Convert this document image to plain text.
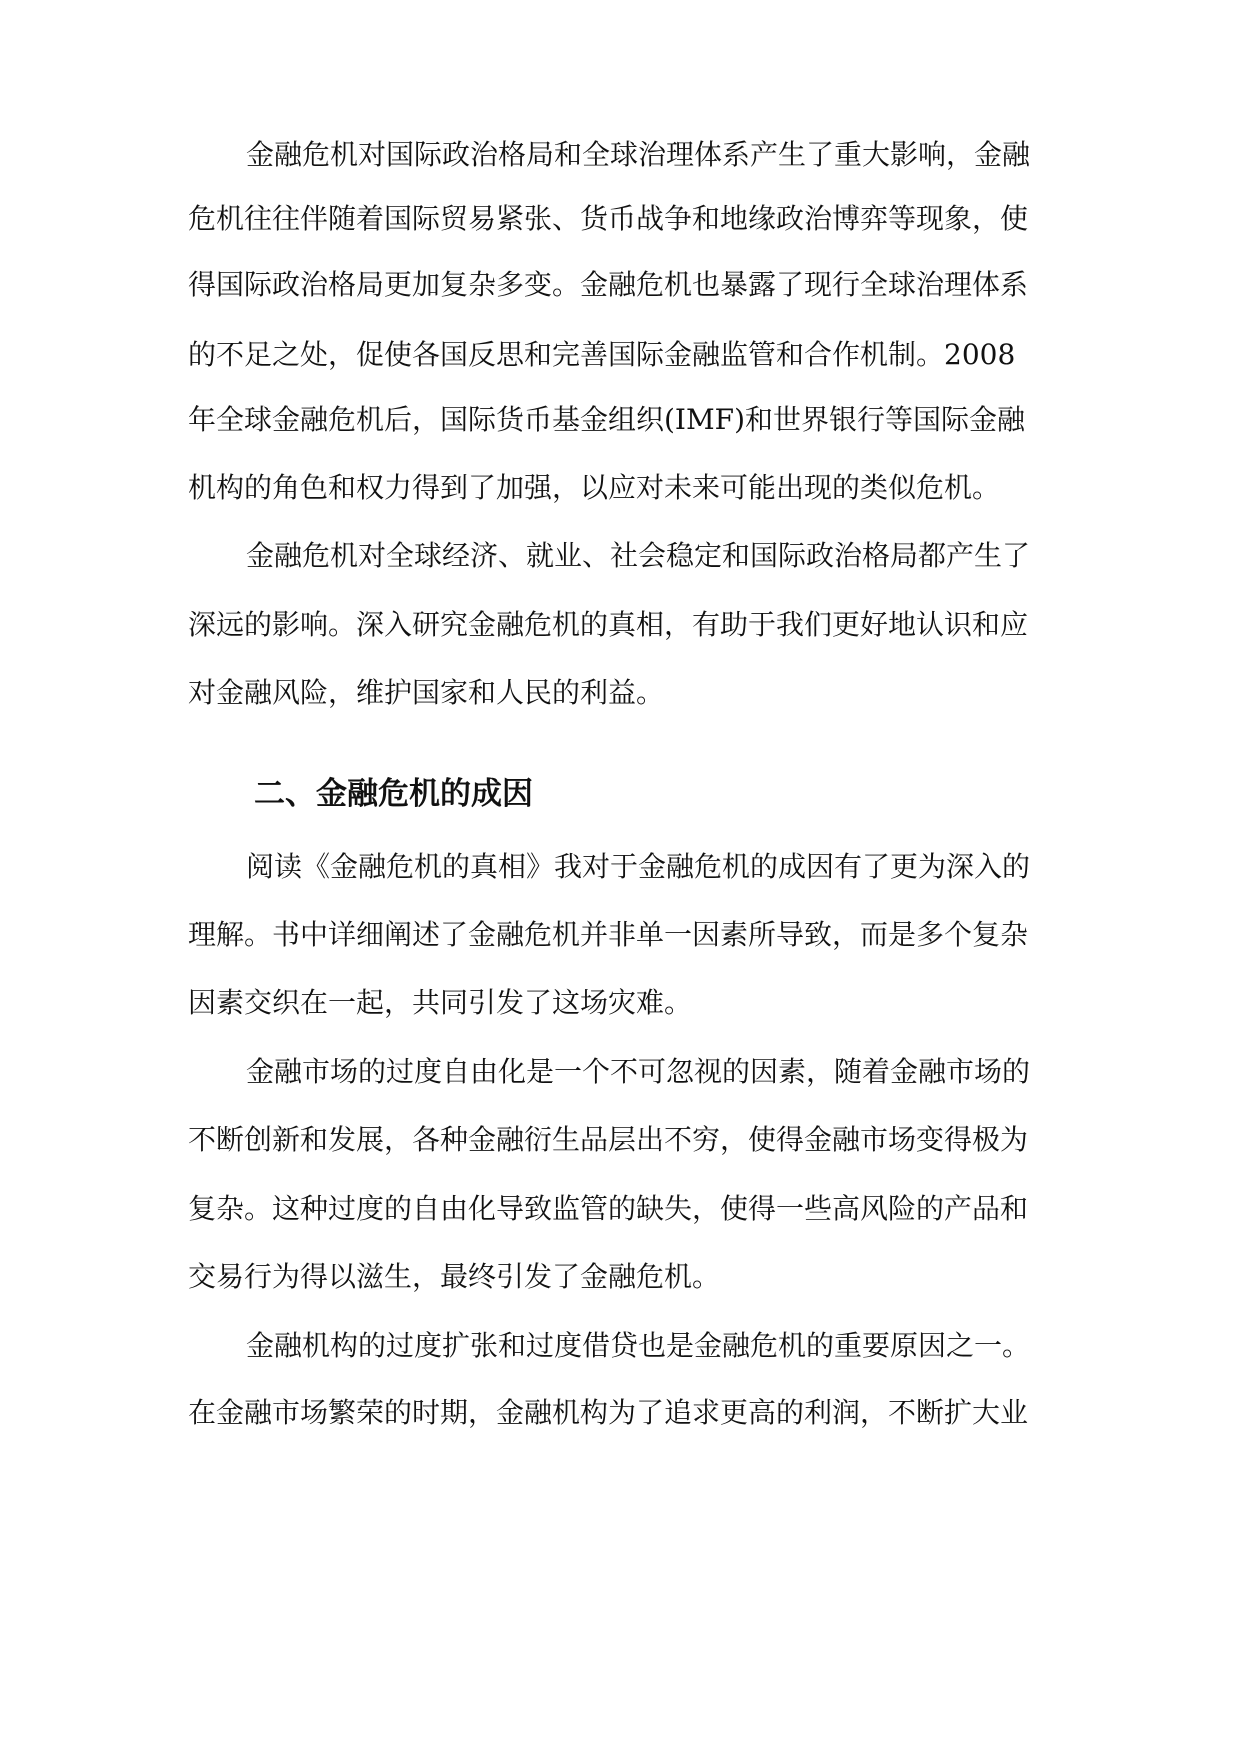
金融危机对国际政治格局和全球治理体系产生了重大影响，金融
危机往往伴随着国际贸易紧张、货币战争和地缘政治博弈等现象，使
得国际政治格局更加复杂多变。金融危机也暴露了现行全球治理体系
的不足之处，促使各国反思和完善国际金融监管和合作机制。2008
年全球金融危机后，国际货币基金组织(IMF)和世界银行等国际金融
机构的角色和权力得到了加强，以应对未来可能出现的类似危机。
金融危机对全球经济、就业、社会稳定和国际政治格局都产生了
深远的影响。深入研究金融危机的真相，有助于我们更好地认识和应
对金融风险，维护国家和人民的利益。
二、金融危机的成因
阅读《金融危机的真相》我对于金融危机的成因有了更为深入的
理解。书中详细阐述了金融危机并非单一因素所导致，而是多个复杂
因素交织在一起，共同引发了这场灾难。
金融市场的过度自由化是一个不可忽视的因素，随着金融市场的
不断创新和发展，各种金融衍生品层出不穷，使得金融市场变得极为
复杂。这种过度的自由化导致监管的缺失，使得一些高风险的产品和
交易行为得以滋生，最终引发了金融危机。
金融机构的过度扩张和过度借贷也是金融危机的重要原因之一。
在金融市场繁荣的时期，金融机构为了追求更高的利润，不断扩大业
